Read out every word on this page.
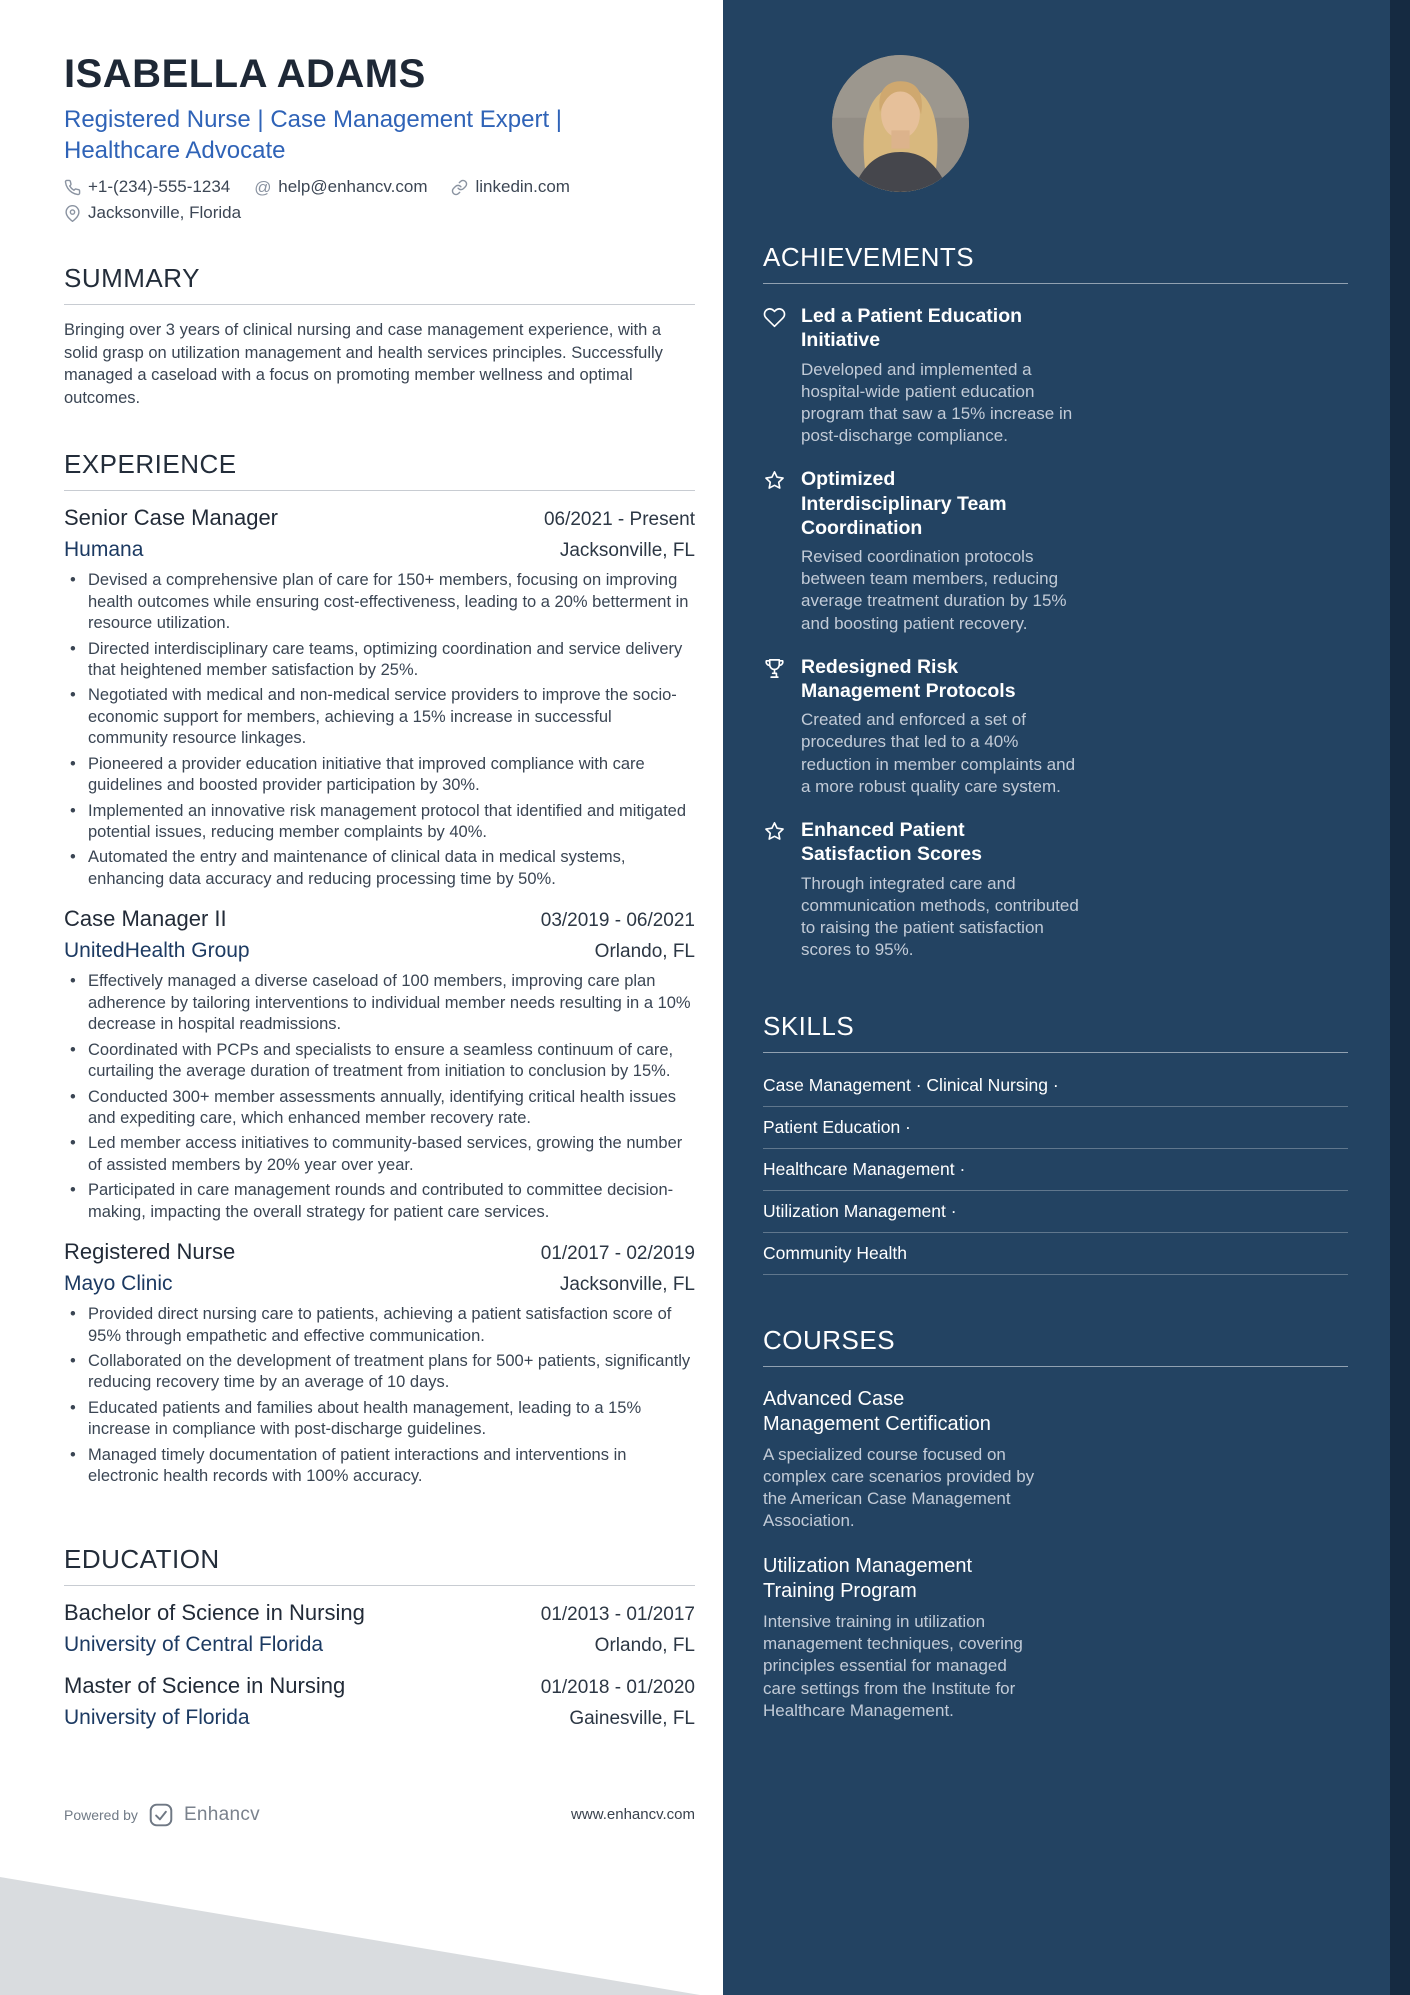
ISABELLA ADAMS
Registered Nurse | Case Management Expert | Healthcare Advocate
+1-(234)-555-1234 @ help@enhancv.com	linkedin.com
Jacksonville, Florida
SUMMARY

Bringing over 3 years of clinical nursing and case management experience, with a solid grasp on utilization management and health services principles. Successfully managed a caseload with a focus on promoting member wellness and optimal outcomes.

EXPERIENCE
Senior Case Manager	06/2021 - Present
Humana	Jacksonville, FL
• Devised a comprehensive plan of care for 150+ members, focusing on improving health outcomes while ensuring cost-effectiveness, leading to a 20% betterment in resource utilization.
• Directed interdisciplinary care teams, optimizing coordination and service delivery that heightened member satisfaction by 25%.
• Negotiated with medical and non-medical service providers to improve the socio-economic support for members, achieving a 15% increase in successful community resource linkages.
• Pioneered a provider education initiative that improved compliance with care guidelines and boosted provider participation by 30%.
• Implemented an innovative risk management protocol that identified and mitigated potential issues, reducing member complaints by 40%.
• Automated the entry and maintenance of clinical data in medical systems, enhancing data accuracy and reducing processing time by 50%.
Case Manager II	03/2019 - 06/2021
UnitedHealth Group	Orlando, FL
• Effectively managed a diverse caseload of 100 members, improving care plan adherence by tailoring interventions to individual member needs resulting in a 10% decrease in hospital readmissions.
• Coordinated with PCPs and specialists to ensure a seamless continuum of care, curtailing the average duration of treatment from initiation to conclusion by 15%.
• Conducted 300+ member assessments annually, identifying critical health issues and expediting care, which enhanced member recovery rate.
• Led member access initiatives to community-based services, growing the number of assisted members by 20% year over year.
• Participated in care management rounds and contributed to committee decision-making, impacting the overall strategy for patient care services.
Registered Nurse	01/2017 - 02/2019
Mayo Clinic	Jacksonville, FL
• Provided direct nursing care to patients, achieving a patient satisfaction score of 95% through empathetic and effective communication.
• Collaborated on the development of treatment plans for 500+ patients, significantly reducing recovery time by an average of 10 days.
• Educated patients and families about health management, leading to a 15% increase in compliance with post-discharge guidelines.
• Managed timely documentation of patient interactions and interventions in electronic health records with 100% accuracy.
EDUCATION
Bachelor of Science in Nursing	01/2013 - 01/2017
University of Central Florida	Orlando, FL
Master of Science in Nursing	01/2018 - 01/2020
University of Florida	Gainesville, FL
Powered by Enhancv	www.enhancv.com
ACHIEVEMENTS
Led a Patient Education Initiative
Developed and implemented a hospital-wide patient education program that saw a 15% increase in post-discharge compliance.
Optimized Interdisciplinary Team Coordination
Revised coordination protocols between team members, reducing average treatment duration by 15% and boosting patient recovery.
Redesigned Risk Management Protocols
Created and enforced a set of procedures that led to a 40% reduction in member complaints and a more robust quality care system.
Enhanced Patient Satisfaction Scores
Through integrated care and communication methods, contributed to raising the patient satisfaction scores to 95%.
SKILLS
Case Management · Clinical Nursing ·
Patient Education ·
Healthcare Management ·
Utilization Management ·
Community Health
COURSES
Advanced Case Management Certification
A specialized course focused on complex care scenarios provided by the American Case Management Association.
Utilization Management Training Program
Intensive training in utilization management techniques, covering principles essential for managed care settings from the Institute for Healthcare Management.
